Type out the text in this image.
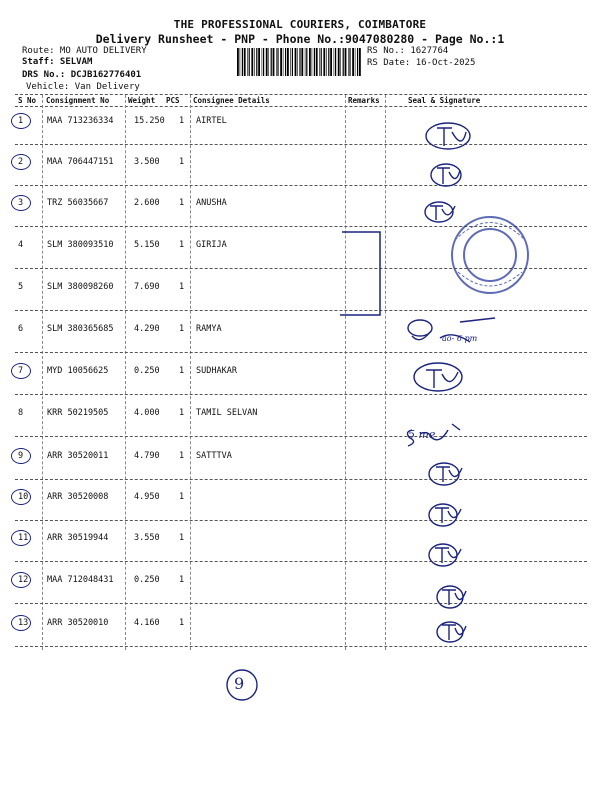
THE PROFESSIONAL COURIERS, COIMBATORE
Delivery Runsheet - PNP - Phone No.:9047080280 - Page No.:1
Route: MO AUTO DELIVERY
Staff: SELVAM
DRS No.: DCJB162776401
Vehicle: Van Delivery
RS No.: 1627764
RS Date: 16-Oct-2025
S No Consignment No	Weight PCS Consignee Details	Remarks	Seal & Signature
1	MAA 713236334 15.250 1 AIRTEL
2	MAA 706447151 3.500 1
3	TRZ 56035667	2.600 1 ANUSHA
4	SLM 380093510 5.150 1 GIRIJA
5	SLM 380098260 7.690 1
6	SLM 380365685 4.290 1 RAMYA
7	MYD 10056625	0.250 1 SUDHAKAR
8	KRR 50219505	4.000 1 TAMIL SELVAN
9	ARR 30520011	4.790 1 SATTTVA
10 ARR 30520008	4.950 1
11 ARR 30519944	3.550 1
12 MAA 712048431 0.250 1
13 ARR 30520010	4.160 1
9
ao- 6 pm
5 me
